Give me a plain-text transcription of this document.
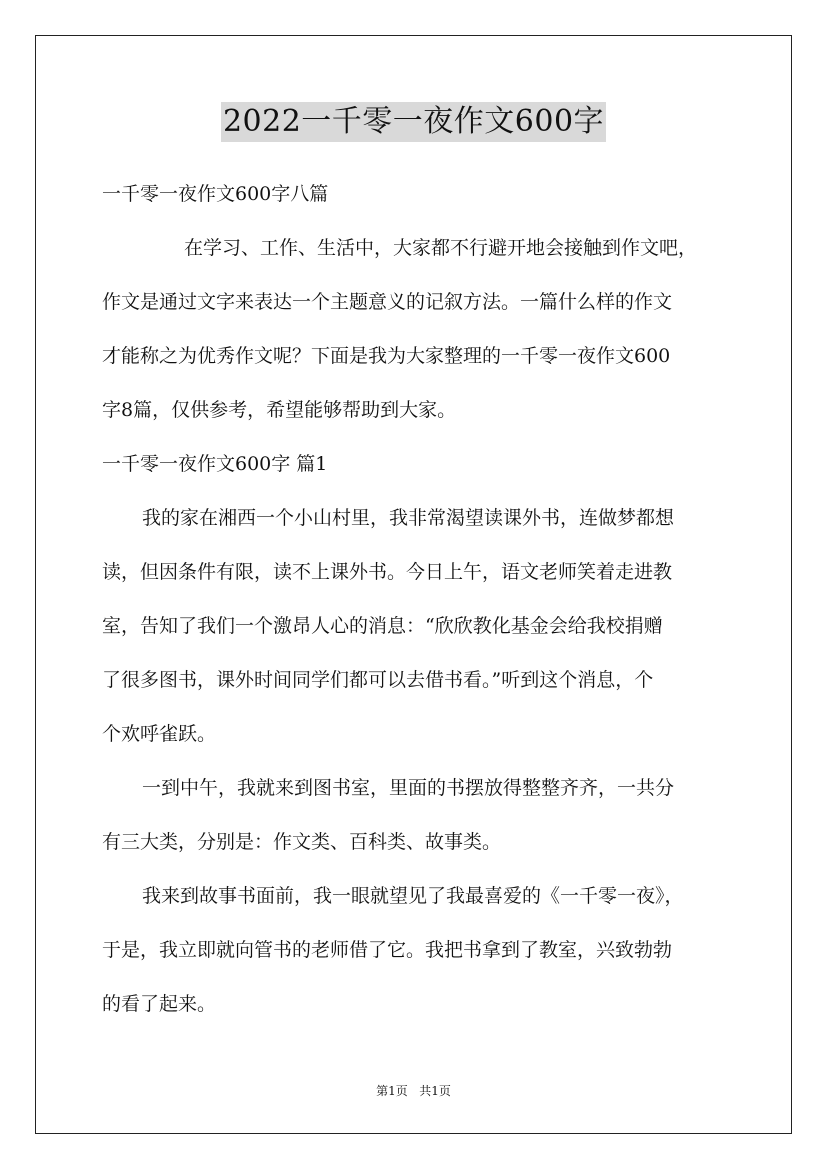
2022一千零一夜作文600字
一千零一夜作文600字八篇
在学习、工作、生活中，大家都不行避开地会接触到作文吧，
作文是通过文字来表达一个主题意义的记叙方法。一篇什么样的作文
才能称之为优秀作文呢？下面是我为大家整理的一千零一夜作文600
字8篇，仅供参考，希望能够帮助到大家。
一千零一夜作文600字 篇1
我的家在湘西一个小山村里，我非常渴望读课外书，连做梦都想
读，但因条件有限，读不上课外书。今日上午，语文老师笑着走进教
室，告知了我们一个激昂人心的消息：“欣欣教化基金会给我校捐赠
了很多图书，课外时间同学们都可以去借书看。”听到这个消息，个
个欢呼雀跃。
一到中午，我就来到图书室，里面的书摆放得整整齐齐，一共分
有三大类，分别是：作文类、百科类、故事类。
我来到故事书面前，我一眼就望见了我最喜爱的《一千零一夜》，
于是，我立即就向管书的老师借了它。我把书拿到了教室，兴致勃勃
的看了起来。
第1页 共1页
